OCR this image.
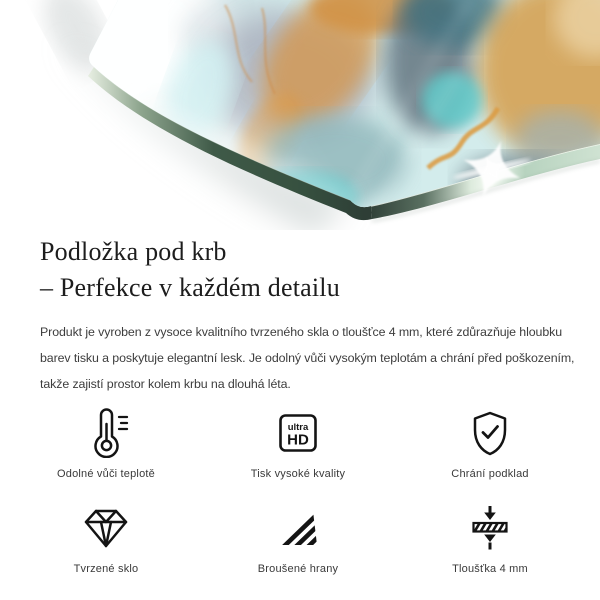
Podložka pod krb
– Perfekce v každém detailu
Produkt je vyroben z vysoce kvalitního tvrzeného skla o tloušťce 4 mm, které zdůrazňuje hloubku
barev tisku a poskytuje elegantní lesk. Je odolný vůči vysokým teplotám a chrání před poškozením,
takže zajistí prostor kolem krbu na dlouhá léta.
Odolné vůči teplotě
ultra
HD
Tisk vysoké kvality	Chrání podklad
Tvrzené sklo	Broušené hrany	Tloušťka 4 mm
